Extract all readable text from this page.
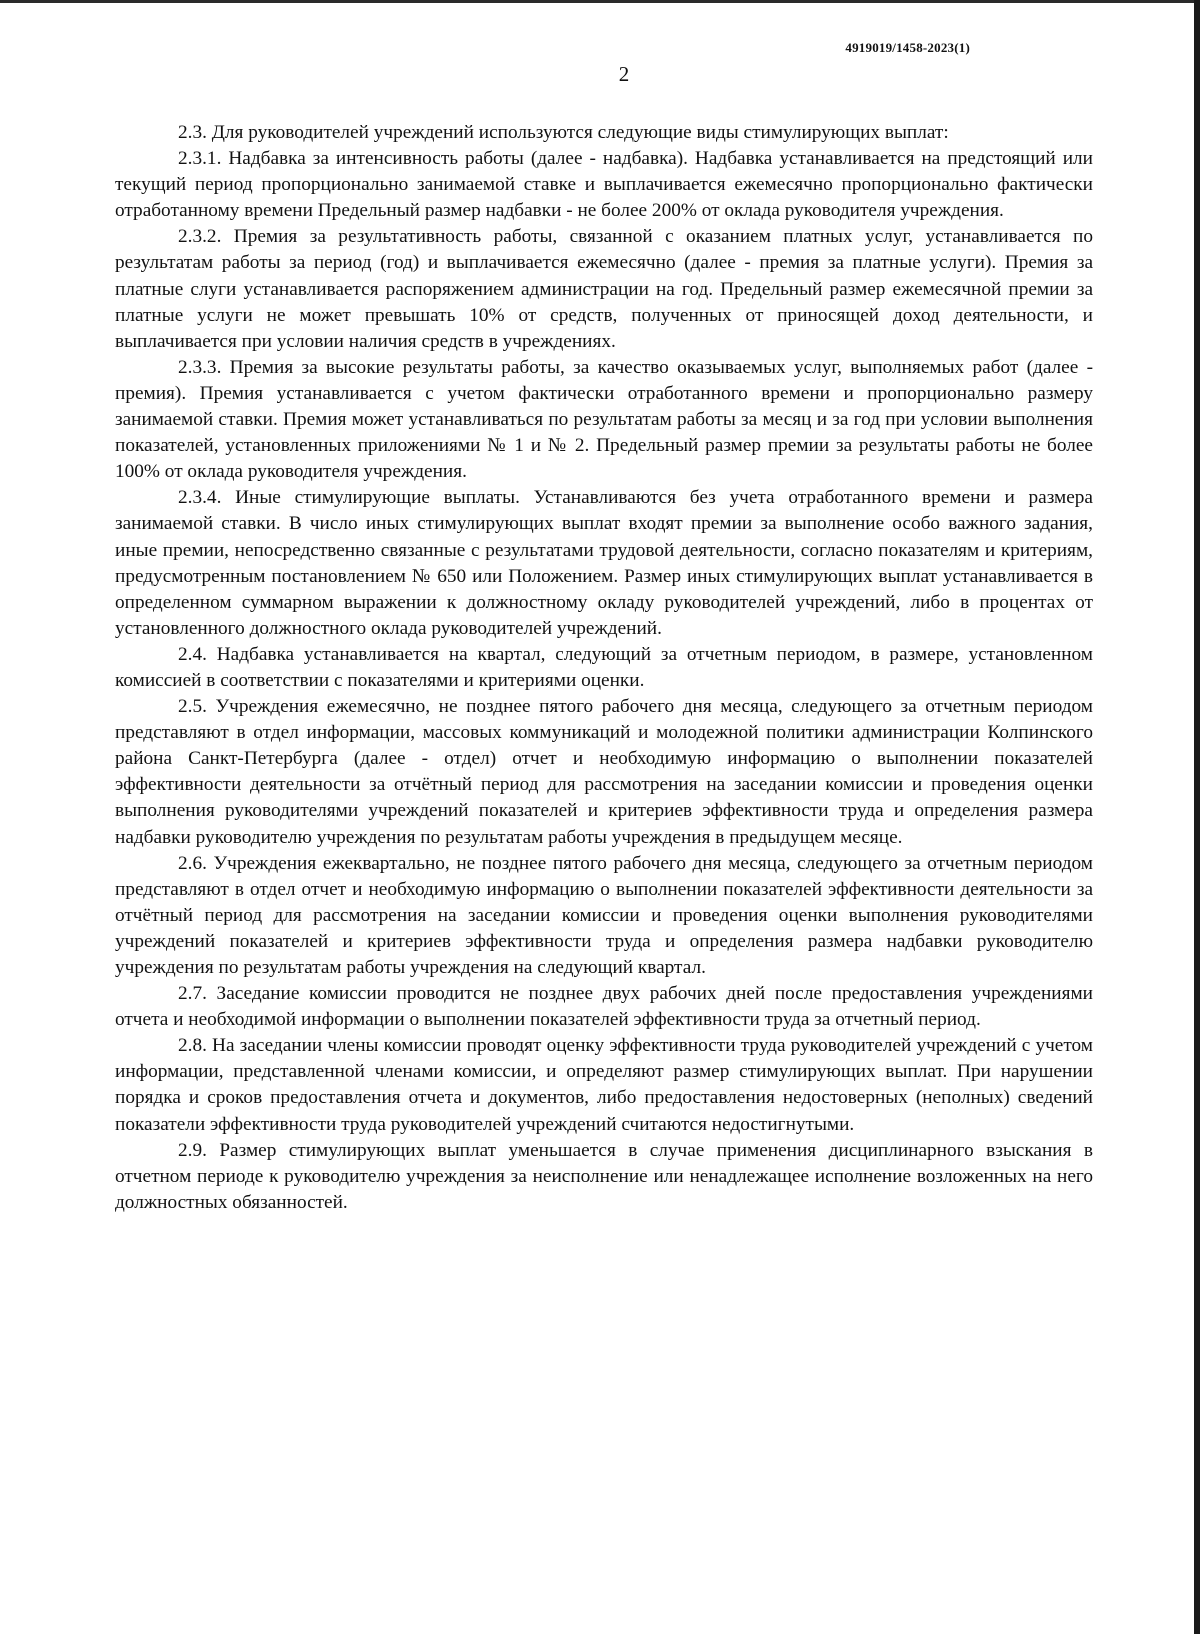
4919019/1458-2023(1)
2

2.3. Для руководителей учреждений используются следующие виды стимулирующих выплат:

2.3.1. Надбавка за интенсивность работы (далее - надбавка). Надбавка устанавливается на предстоящий или текущий период пропорционально занимаемой ставке и выплачивается ежемесячно пропорционально фактически отработанному времени Предельный размер надбавки - не более 200% от оклада руководителя учреждения.

2.3.2. Премия за результативность работы, связанной с оказанием платных услуг, устанавливается по результатам работы за период (год) и выплачивается ежемесячно (далее - премия за платные услуги). Премия за платные слуги устанавливается распоряжением администрации на год. Предельный размер ежемесячной премии за платные услуги не может превышать 10% от средств, полученных от приносящей доход деятельности, и выплачивается при условии наличия средств в учреждениях.

2.3.3. Премия за высокие результаты работы, за качество оказываемых услуг, выполняемых работ (далее - премия). Премия устанавливается с учетом фактически отработанного времени и пропорционально размеру занимаемой ставки. Премия может устанавливаться по результатам работы за месяц и за год при условии выполнения показателей, установленных приложениями № 1 и № 2. Предельный размер премии за результаты работы не более 100% от оклада руководителя учреждения.

2.3.4. Иные стимулирующие выплаты. Устанавливаются без учета отработанного времени и размера занимаемой ставки. В число иных стимулирующих выплат входят премии за выполнение особо важного задания, иные премии, непосредственно связанные с результатами трудовой деятельности, согласно показателям и критериям, предусмотренным постановлением № 650 или Положением. Размер иных стимулирующих выплат устанавливается в определенном суммарном выражении к должностному окладу руководителей учреждений, либо в процентах от установленного должностного оклада руководителей учреждений.

2.4. Надбавка устанавливается на квартал, следующий за отчетным периодом, в размере, установленном комиссией в соответствии с показателями и критериями оценки.

2.5. Учреждения ежемесячно, не позднее пятого рабочего дня месяца, следующего за отчетным периодом представляют в отдел информации, массовых коммуникаций и молодежной политики администрации Колпинского района Санкт-Петербурга (далее - отдел) отчет и необходимую информацию о выполнении показателей эффективности деятельности за отчётный период для рассмотрения на заседании комиссии и проведения оценки выполнения руководителями учреждений показателей и критериев эффективности труда и определения размера надбавки руководителю учреждения по результатам работы учреждения в предыдущем месяце.

2.6. Учреждения ежеквартально, не позднее пятого рабочего дня месяца, следующего за отчетным периодом представляют в отдел отчет и необходимую информацию о выполнении показателей эффективности деятельности за отчётный период для рассмотрения на заседании комиссии и проведения оценки выполнения руководителями учреждений показателей и критериев эффективности труда и определения размера надбавки руководителю учреждения по результатам работы учреждения на следующий квартал.

2.7. Заседание комиссии проводится не позднее двух рабочих дней после предоставления учреждениями отчета и необходимой информации о выполнении показателей эффективности труда за отчетный период.

2.8. На заседании члены комиссии проводят оценку эффективности труда руководителей учреждений с учетом информации, представленной членами комиссии, и определяют размер стимулирующих выплат. При нарушении порядка и сроков предоставления отчета и документов, либо предоставления недостоверных (неполных) сведений показатели эффективности труда руководителей учреждений считаются недостигнутыми.

2.9. Размер стимулирующих выплат уменьшается в случае применения дисциплинарного взыскания в отчетном периоде к руководителю учреждения за неисполнение или ненадлежащее исполнение возложенных на него должностных обязанностей.
